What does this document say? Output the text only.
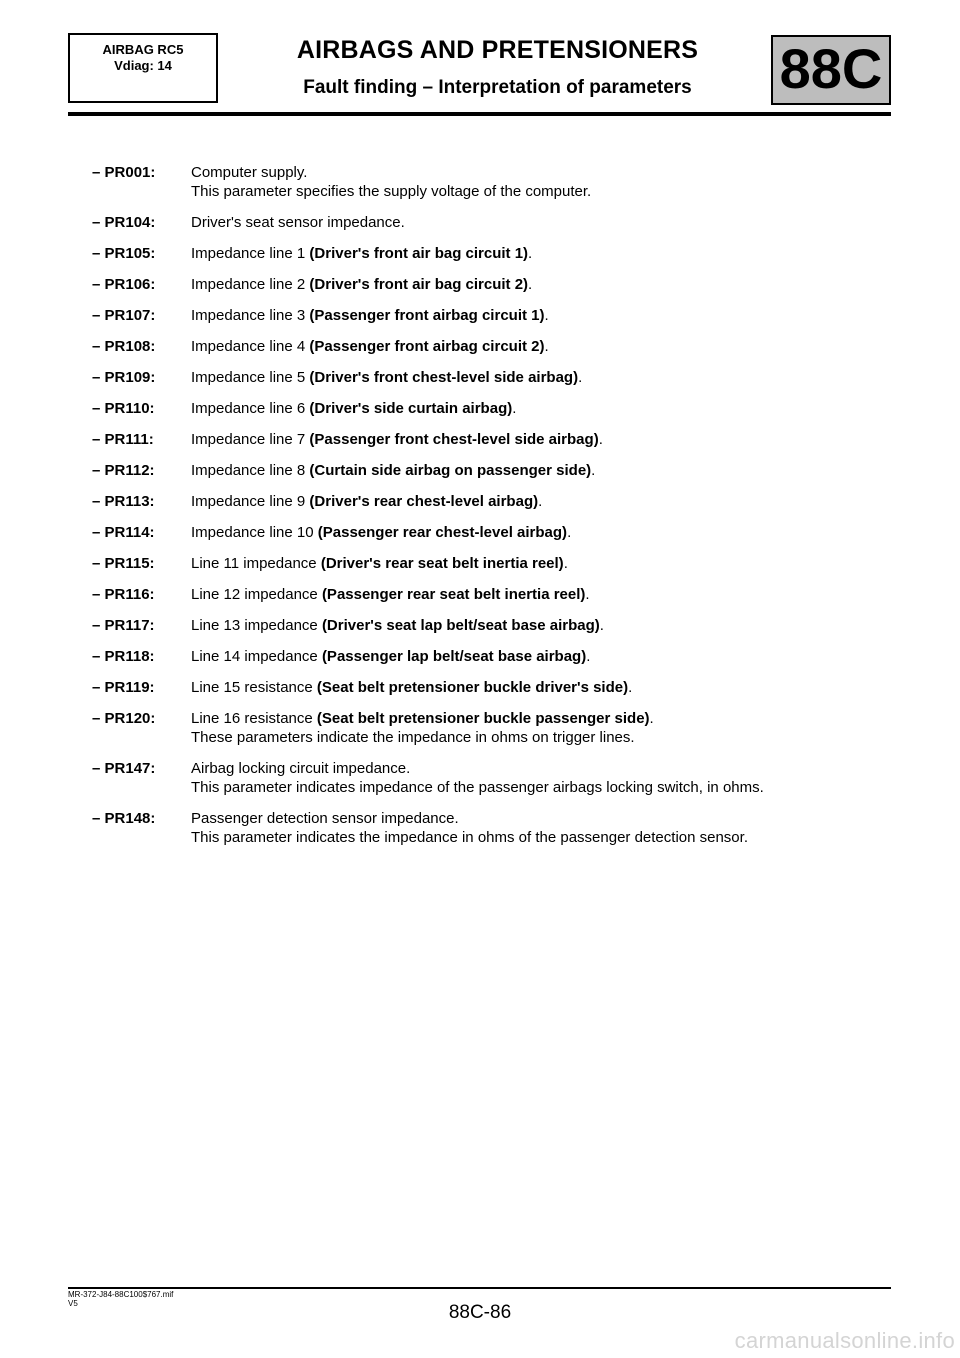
AIRBAG RC5
Vdiag: 14
AIRBAGS AND PRETENSIONERS
Fault finding – Interpretation of parameters	88C
– PR001:	Computer supply.
This parameter specifies the supply voltage of the computer.
– PR104:	Driver's seat sensor impedance.
– PR105:	Impedance line 1 (Driver's front air bag circuit 1).
– PR106:	Impedance line 2 (Driver's front air bag circuit 2).
– PR107:	Impedance line 3 (Passenger front airbag circuit 1).
– PR108:	Impedance line 4 (Passenger front airbag circuit 2).
– PR109:	Impedance line 5 (Driver's front chest-level side airbag).
– PR110:	Impedance line 6 (Driver's side curtain airbag).
– PR111:	Impedance line 7 (Passenger front chest-level side airbag).
– PR112:	Impedance line 8 (Curtain side airbag on passenger side).
– PR113:	Impedance line 9 (Driver's rear chest-level airbag).
– PR114:	Impedance line 10 (Passenger rear chest-level airbag).
– PR115:	Line 11 impedance (Driver's rear seat belt inertia reel).
– PR116:	Line 12 impedance (Passenger rear seat belt inertia reel).
– PR117:	Line 13 impedance (Driver's seat lap belt/seat base airbag).
– PR118:	Line 14 impedance (Passenger lap belt/seat base airbag).
– PR119:	Line 15 resistance (Seat belt pretensioner buckle driver's side).
– PR120:	Line 16 resistance (Seat belt pretensioner buckle passenger side).
These parameters indicate the impedance in ohms on trigger lines.
– PR147:	Airbag locking circuit impedance.
This parameter indicates impedance of the passenger airbags locking switch, in ohms.
– PR148:	Passenger detection sensor impedance.
This parameter indicates the impedance in ohms of the passenger detection sensor.
MR-372-J84-88C100$767.mif
V5	88C-86
carmanualsonline.info
